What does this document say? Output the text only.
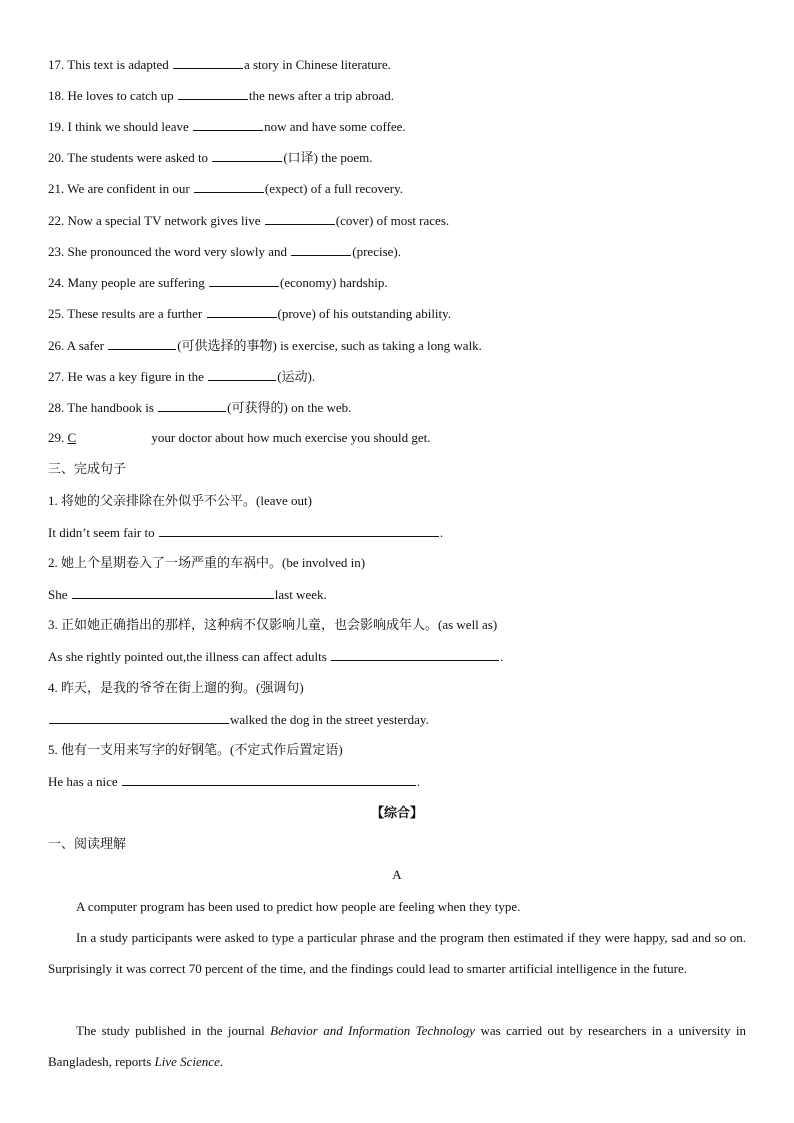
17. This text is adapted	a story in Chinese literature.
18. He loves to catch up	the news after a trip abroad.
19. I think we should leave	now and have some coffee.
20. The students were asked to	(口译) the poem.
21. We are confident in our	(expect) of a full recovery.
22. Now a special TV network gives live	(cover) of most races.
23. She pronounced the word very slowly and	(precise).
24. Many people are suffering	(economy) hardship.
25. These results are a further	(prove) of his outstanding ability.
26. A safer	(可供选择的事物) is exercise, such as taking a long walk.
27. He was a key figure in the	(运动).
28. The handbook is	(可获得的) on the web.
29. C	your doctor about how much exercise you should get.
三、完成句子
1. 将她的父亲排除在外似乎不公平。(leave out)
It didn’t seem fair to	.
2. 她上个星期卷入了一场严重的车祸中。(be involved in)
She	last week.
3. 正如她正确指出的那样，这种病不仅影响儿童，也会影响成年人。(as well as)
As she rightly pointed out,the illness can affect adults	.
4. 昨天，是我的爷爷在街上遛的狗。(强调句)
walked the dog in the street yesterday.
5. 他有一支用来写字的好钢笔。(不定式作后置定语)
He has a nice	.
【综合】
一、阅读理解
A
A computer program has been used to predict how people are feeling when they type.
In a study participants were asked to type a particular phrase and the program then estimated if they were happy, sad and so on. Surprisingly it was correct 70 percent of the time, and the findings could lead to smarter artificial intelligence in the future.
The study published in the journal Behavior and Information Technology was carried out by researchers in a university in Bangladesh, reports Live Science.
